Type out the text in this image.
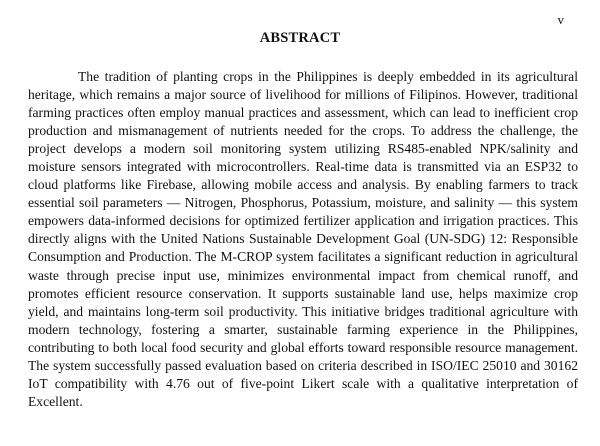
v
ABSTRACT

The tradition of planting crops in the Philippines is deeply embedded in its agricultural heritage, which remains a major source of livelihood for millions of Filipinos. However, traditional farming practices often employ manual practices and assessment, which can lead to inefficient crop production and mismanagement of nutrients needed for the crops. To address the challenge, the project develops a modern soil monitoring system utilizing RS485-enabled NPK/salinity and moisture sensors integrated with microcontrollers. Real-time data is transmitted via an ESP32 to cloud platforms like Firebase, allowing mobile access and analysis. By enabling farmers to track essential soil parameters — Nitrogen, Phosphorus, Potassium, moisture, and salinity — this system empowers data-informed decisions for optimized fertilizer application and irrigation practices. This directly aligns with the United Nations Sustainable Development Goal (UN-SDG) 12: Responsible Consumption and Production. The M-CROP system facilitates a significant reduction in agricultural waste through precise input use, minimizes environmental impact from chemical runoff, and promotes efficient resource conservation. It supports sustainable land use, helps maximize crop yield, and maintains long-term soil productivity. This initiative bridges traditional agriculture with modern technology, fostering a smarter, sustainable farming experience in the Philippines, contributing to both local food security and global efforts toward responsible resource management. The system successfully passed evaluation based on criteria described in ISO/IEC 25010 and 30162 IoT compatibility with 4.76 out of five-point Likert scale with a qualitative interpretation of Excellent.
